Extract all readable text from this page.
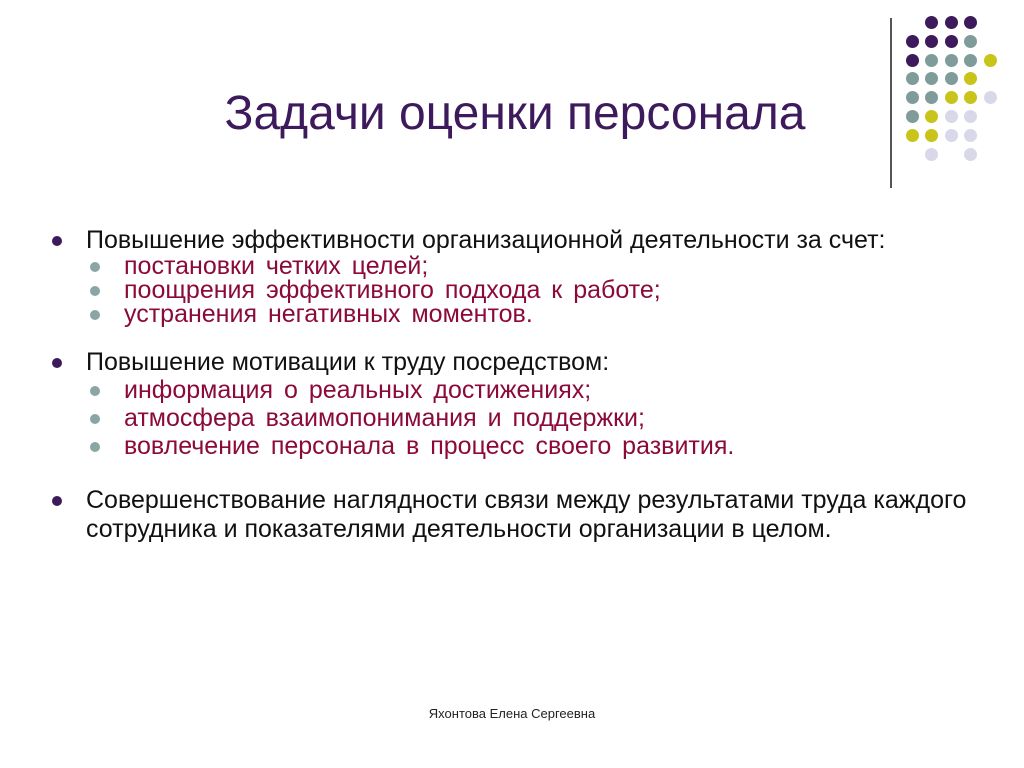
Задачи оценки персонала
Повышение эффективности организационной деятельности за счет:
постановки четких целей;
поощрения эффективного подхода к работе;
устранения негативных моментов.
Повышение мотивации к труду посредством:
информация о реальных достижениях;
атмосфера взаимопонимания и поддержки;
вовлечение персонала в процесс своего развития.
Совершенствование наглядности связи между результатами труда каждого сотрудника и показателями деятельности организации в целом.
Яхонтова Елена Сергеевна
